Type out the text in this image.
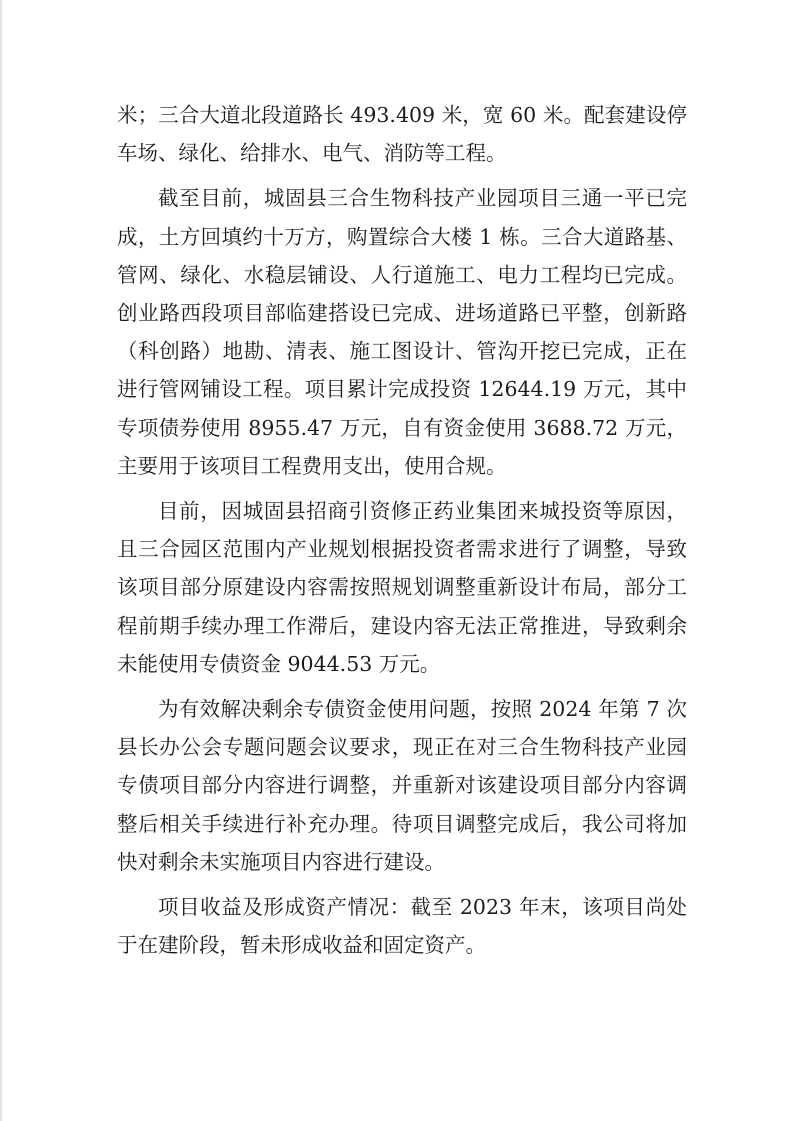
米；三合大道北段道路长 493.409 米，宽 60 米。配套建设停车场、绿化、给排水、电气、消防等工程。

截至目前，城固县三合生物科技产业园项目三通一平已完成，土方回填约十万方，购置综合大楼 1 栋。三合大道路基、管网、绿化、水稳层铺设、人行道施工、电力工程均已完成。创业路西段项目部临建搭设已完成、进场道路已平整，创新路（科创路）地勘、清表、施工图设计、管沟开挖已完成，正在进行管网铺设工程。项目累计完成投资 12644.19 万元，其中专项债券使用 8955.47 万元，自有资金使用 3688.72 万元，主要用于该项目工程费用支出，使用合规。

目前，因城固县招商引资修正药业集团来城投资等原因，且三合园区范围内产业规划根据投资者需求进行了调整，导致该项目部分原建设内容需按照规划调整重新设计布局，部分工程前期手续办理工作滞后，建设内容无法正常推进，导致剩余未能使用专债资金 9044.53 万元。

为有效解决剩余专债资金使用问题，按照 2024 年第 7 次县长办公会专题问题会议要求，现正在对三合生物科技产业园专债项目部分内容进行调整，并重新对该建设项目部分内容调整后相关手续进行补充办理。待项目调整完成后，我公司将加快对剩余未实施项目内容进行建设。

项目收益及形成资产情况：截至 2023 年末，该项目尚处于在建阶段，暂未形成收益和固定资产。
